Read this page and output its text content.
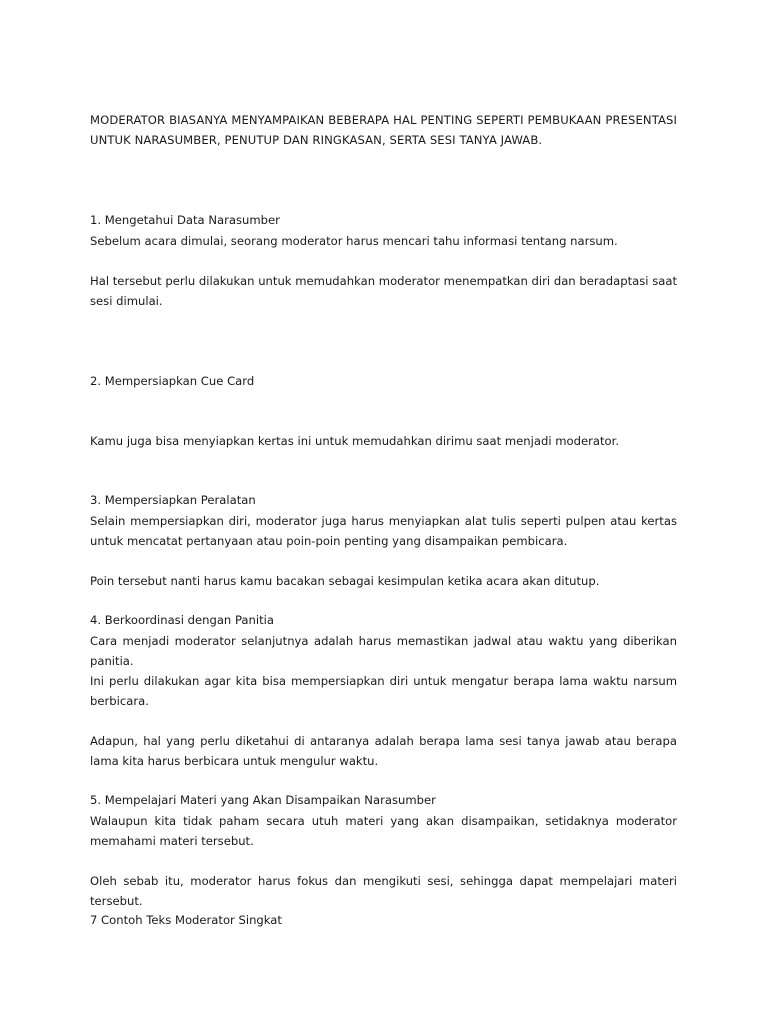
MODERATOR BIASANYA MENYAMPAIKAN BEBERAPA HAL PENTING SEPERTI PEMBUKAAN PRESENTASI UNTUK NARASUMBER, PENUTUP DAN RINGKASAN, SERTA SESI TANYA JAWAB.

1. Mengetahui Data Narasumber

Sebelum acara dimulai, seorang moderator harus mencari tahu informasi tentang narsum.

Hal tersebut perlu dilakukan untuk memudahkan moderator menempatkan diri dan beradaptasi saat sesi dimulai.

2. Mempersiapkan Cue Card

Kamu juga bisa menyiapkan kertas ini untuk memudahkan dirimu saat menjadi moderator.

3. Mempersiapkan Peralatan

Selain mempersiapkan diri, moderator juga harus menyiapkan alat tulis seperti pulpen atau kertas untuk mencatat pertanyaan atau poin-poin penting yang disampaikan pembicara.

Poin tersebut nanti harus kamu bacakan sebagai kesimpulan ketika acara akan ditutup.

4. Berkoordinasi dengan Panitia

Cara menjadi moderator selanjutnya adalah harus memastikan jadwal atau waktu yang diberikan panitia.

Ini perlu dilakukan agar kita bisa mempersiapkan diri untuk mengatur berapa lama waktu narsum berbicara.

Adapun, hal yang perlu diketahui di antaranya adalah berapa lama sesi tanya jawab atau berapa lama kita harus berbicara untuk mengulur waktu.

5. Mempelajari Materi yang Akan Disampaikan Narasumber

Walaupun kita tidak paham secara utuh materi yang akan disampaikan, setidaknya moderator memahami materi tersebut.

Oleh sebab itu, moderator harus fokus dan mengikuti sesi, sehingga dapat mempelajari materi tersebut.

7 Contoh Teks Moderator Singkat
